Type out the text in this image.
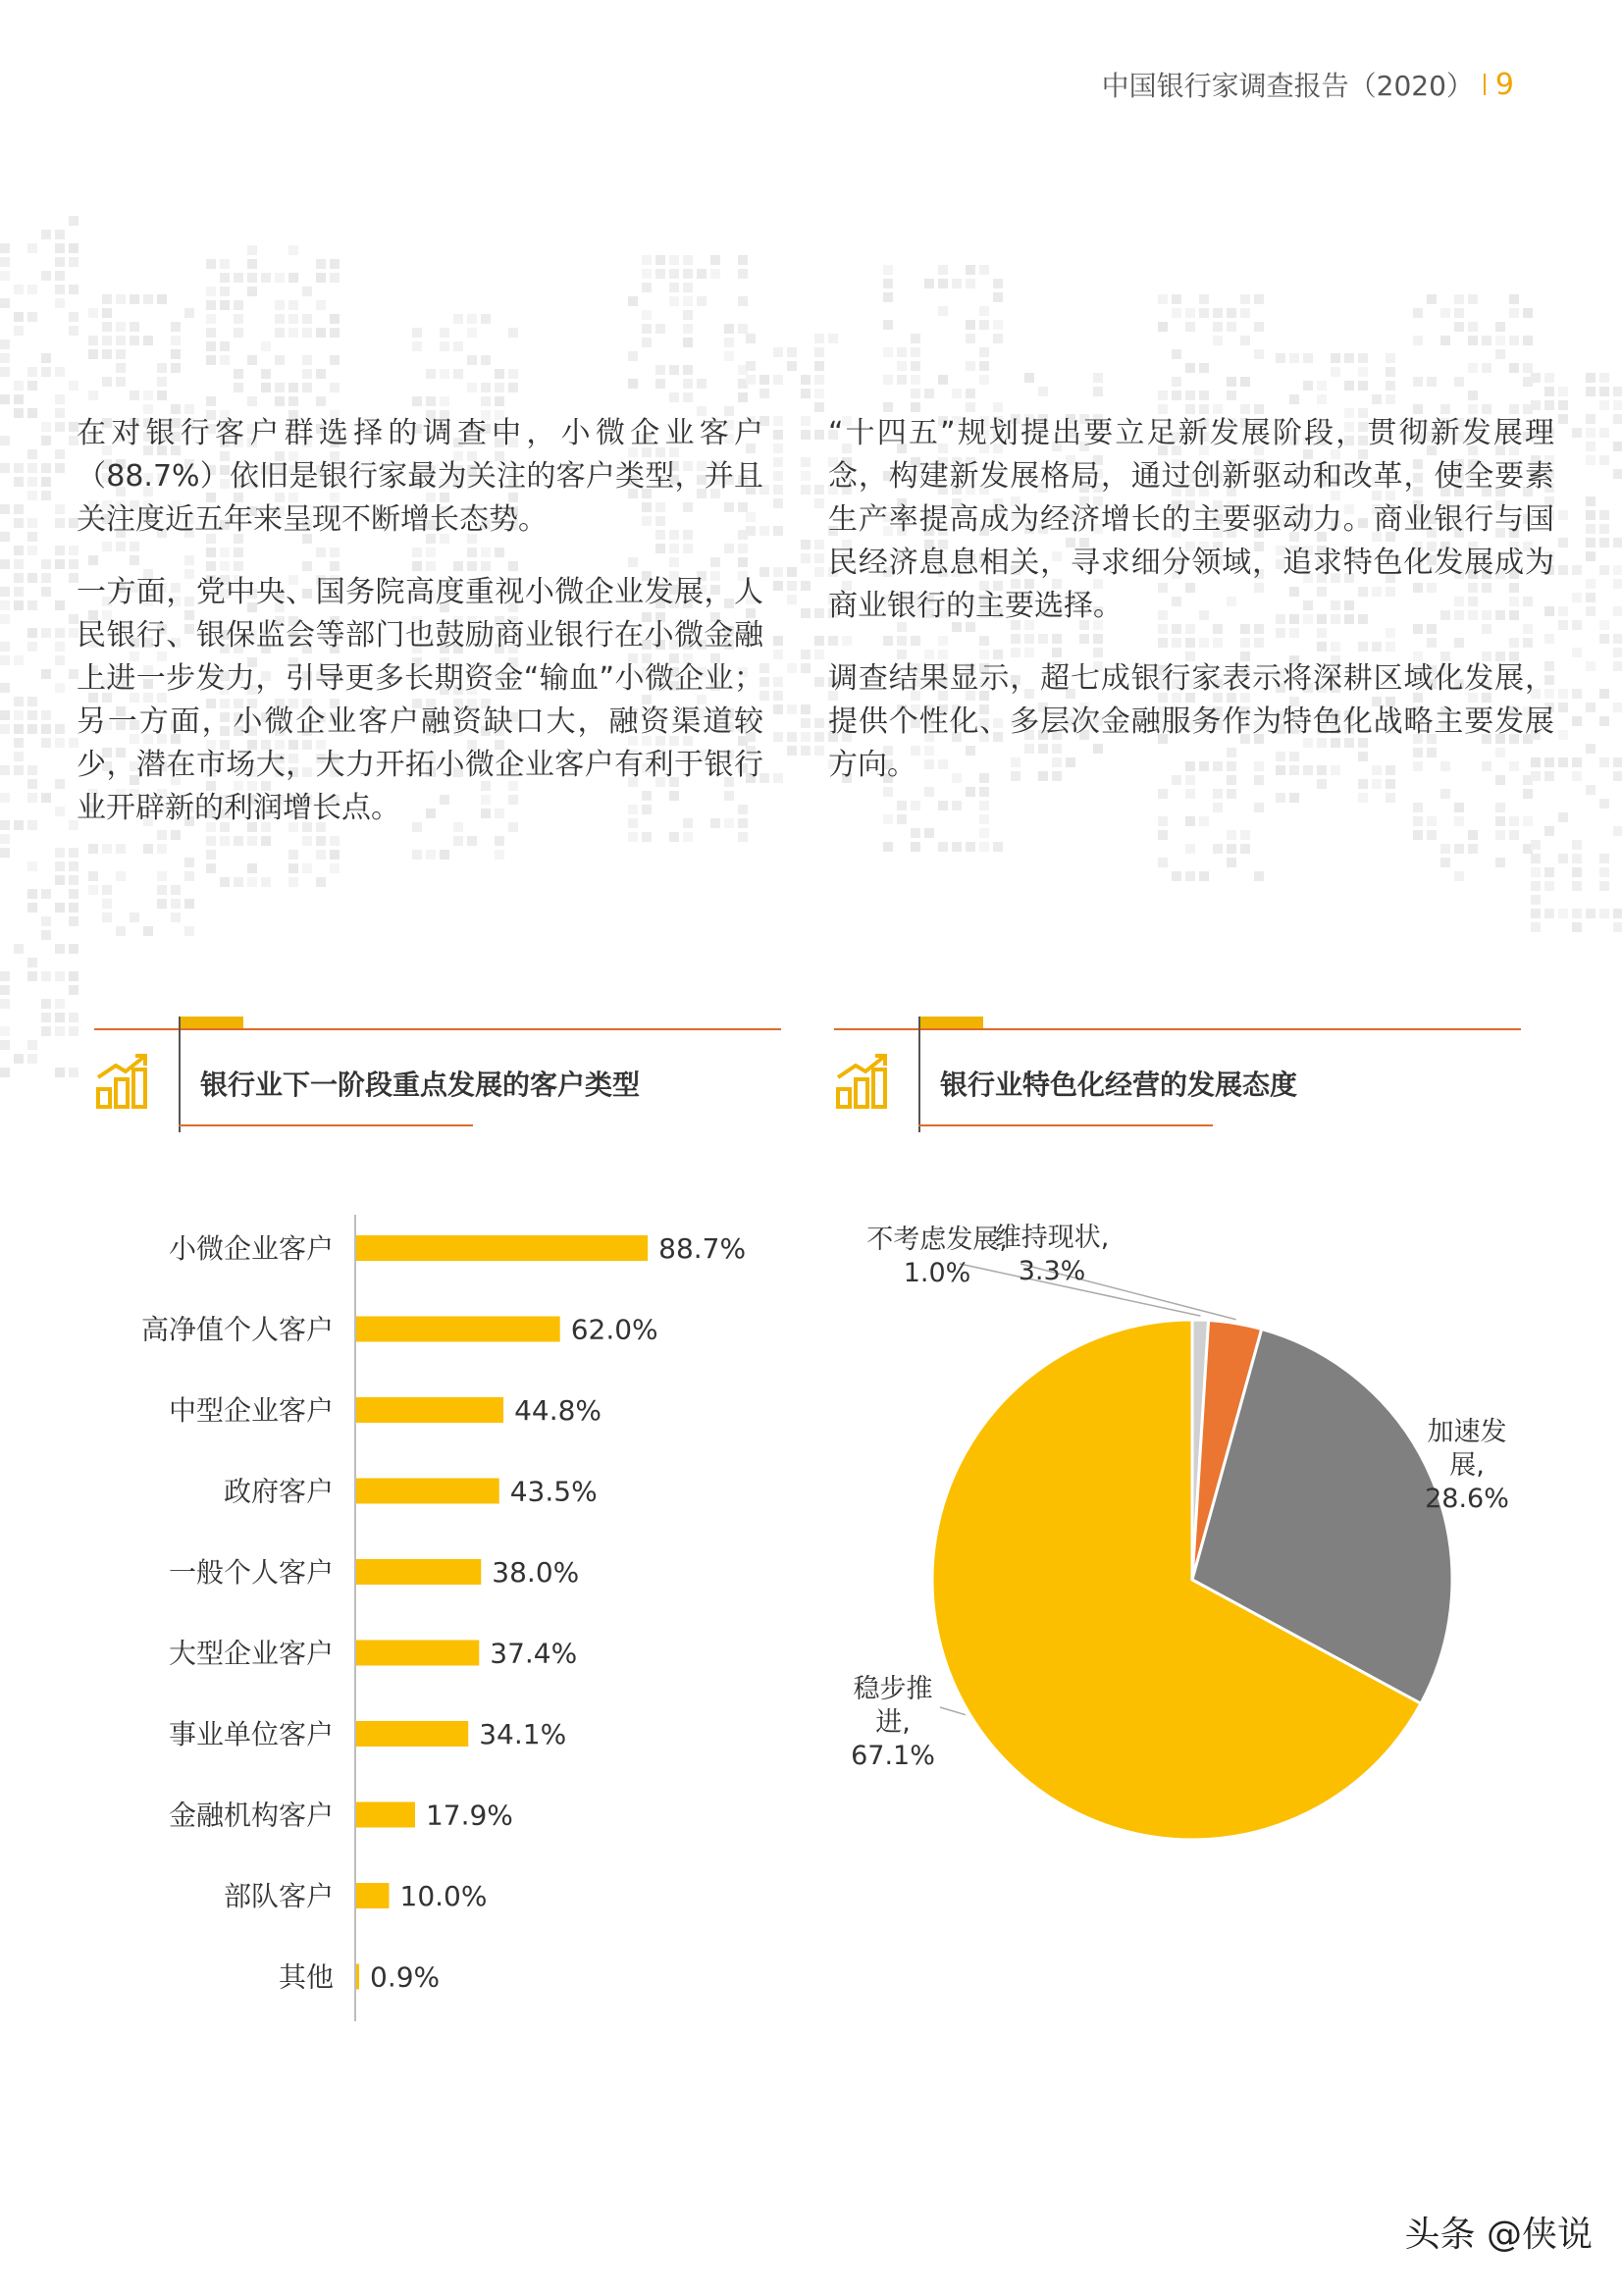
中国银行家调查报告（2020） 9

在对银行客户群选择的调查中，小微企业客户（88.7%）依旧是银行家最为关注的客户类型，并且关注度近五年来呈现不断增长态势。

一方面，党中央、国务院高度重视小微企业发展，人民银行、银保监会等部门也鼓励商业银行在小微金融上进一步发力，引导更多长期资金“输血”小微企业；另一方面，小微企业客户融资缺口大，融资渠道较少，潜在市场大，大力开拓小微企业客户有利于银行业开辟新的利润增长点。

“十四五”规划提出要立足新发展阶段，贯彻新发展理念，构建新发展格局，通过创新驱动和改革，使全要素生产率提高成为经济增长的主要驱动力。商业银行与国民经济息息相关，寻求细分领域，追求特色化发展成为商业银行的主要选择。

调查结果显示，超七成银行家表示将深耕区域化发展，提供个性化、多层次金融服务作为特色化战略主要发展方向。

银行业下一阶段重点发展的客户类型	银行业特色化经营的发展态度
小微企业客户	88.7%
高净值个人客户	62.0%
中型企业客户	44.8%
政府客户	43.5%
一般个人客户	38.0%
大型企业客户	37.4%
事业单位客户	34.1%
金融机构客户	17.9%
部队客户 10.0%
其他 0.9%
不考虑发展,
1.0%
维持现状,
3.3%
加速发
展,
28.6%
稳步推
进,
67.1%
头条 @侠说
